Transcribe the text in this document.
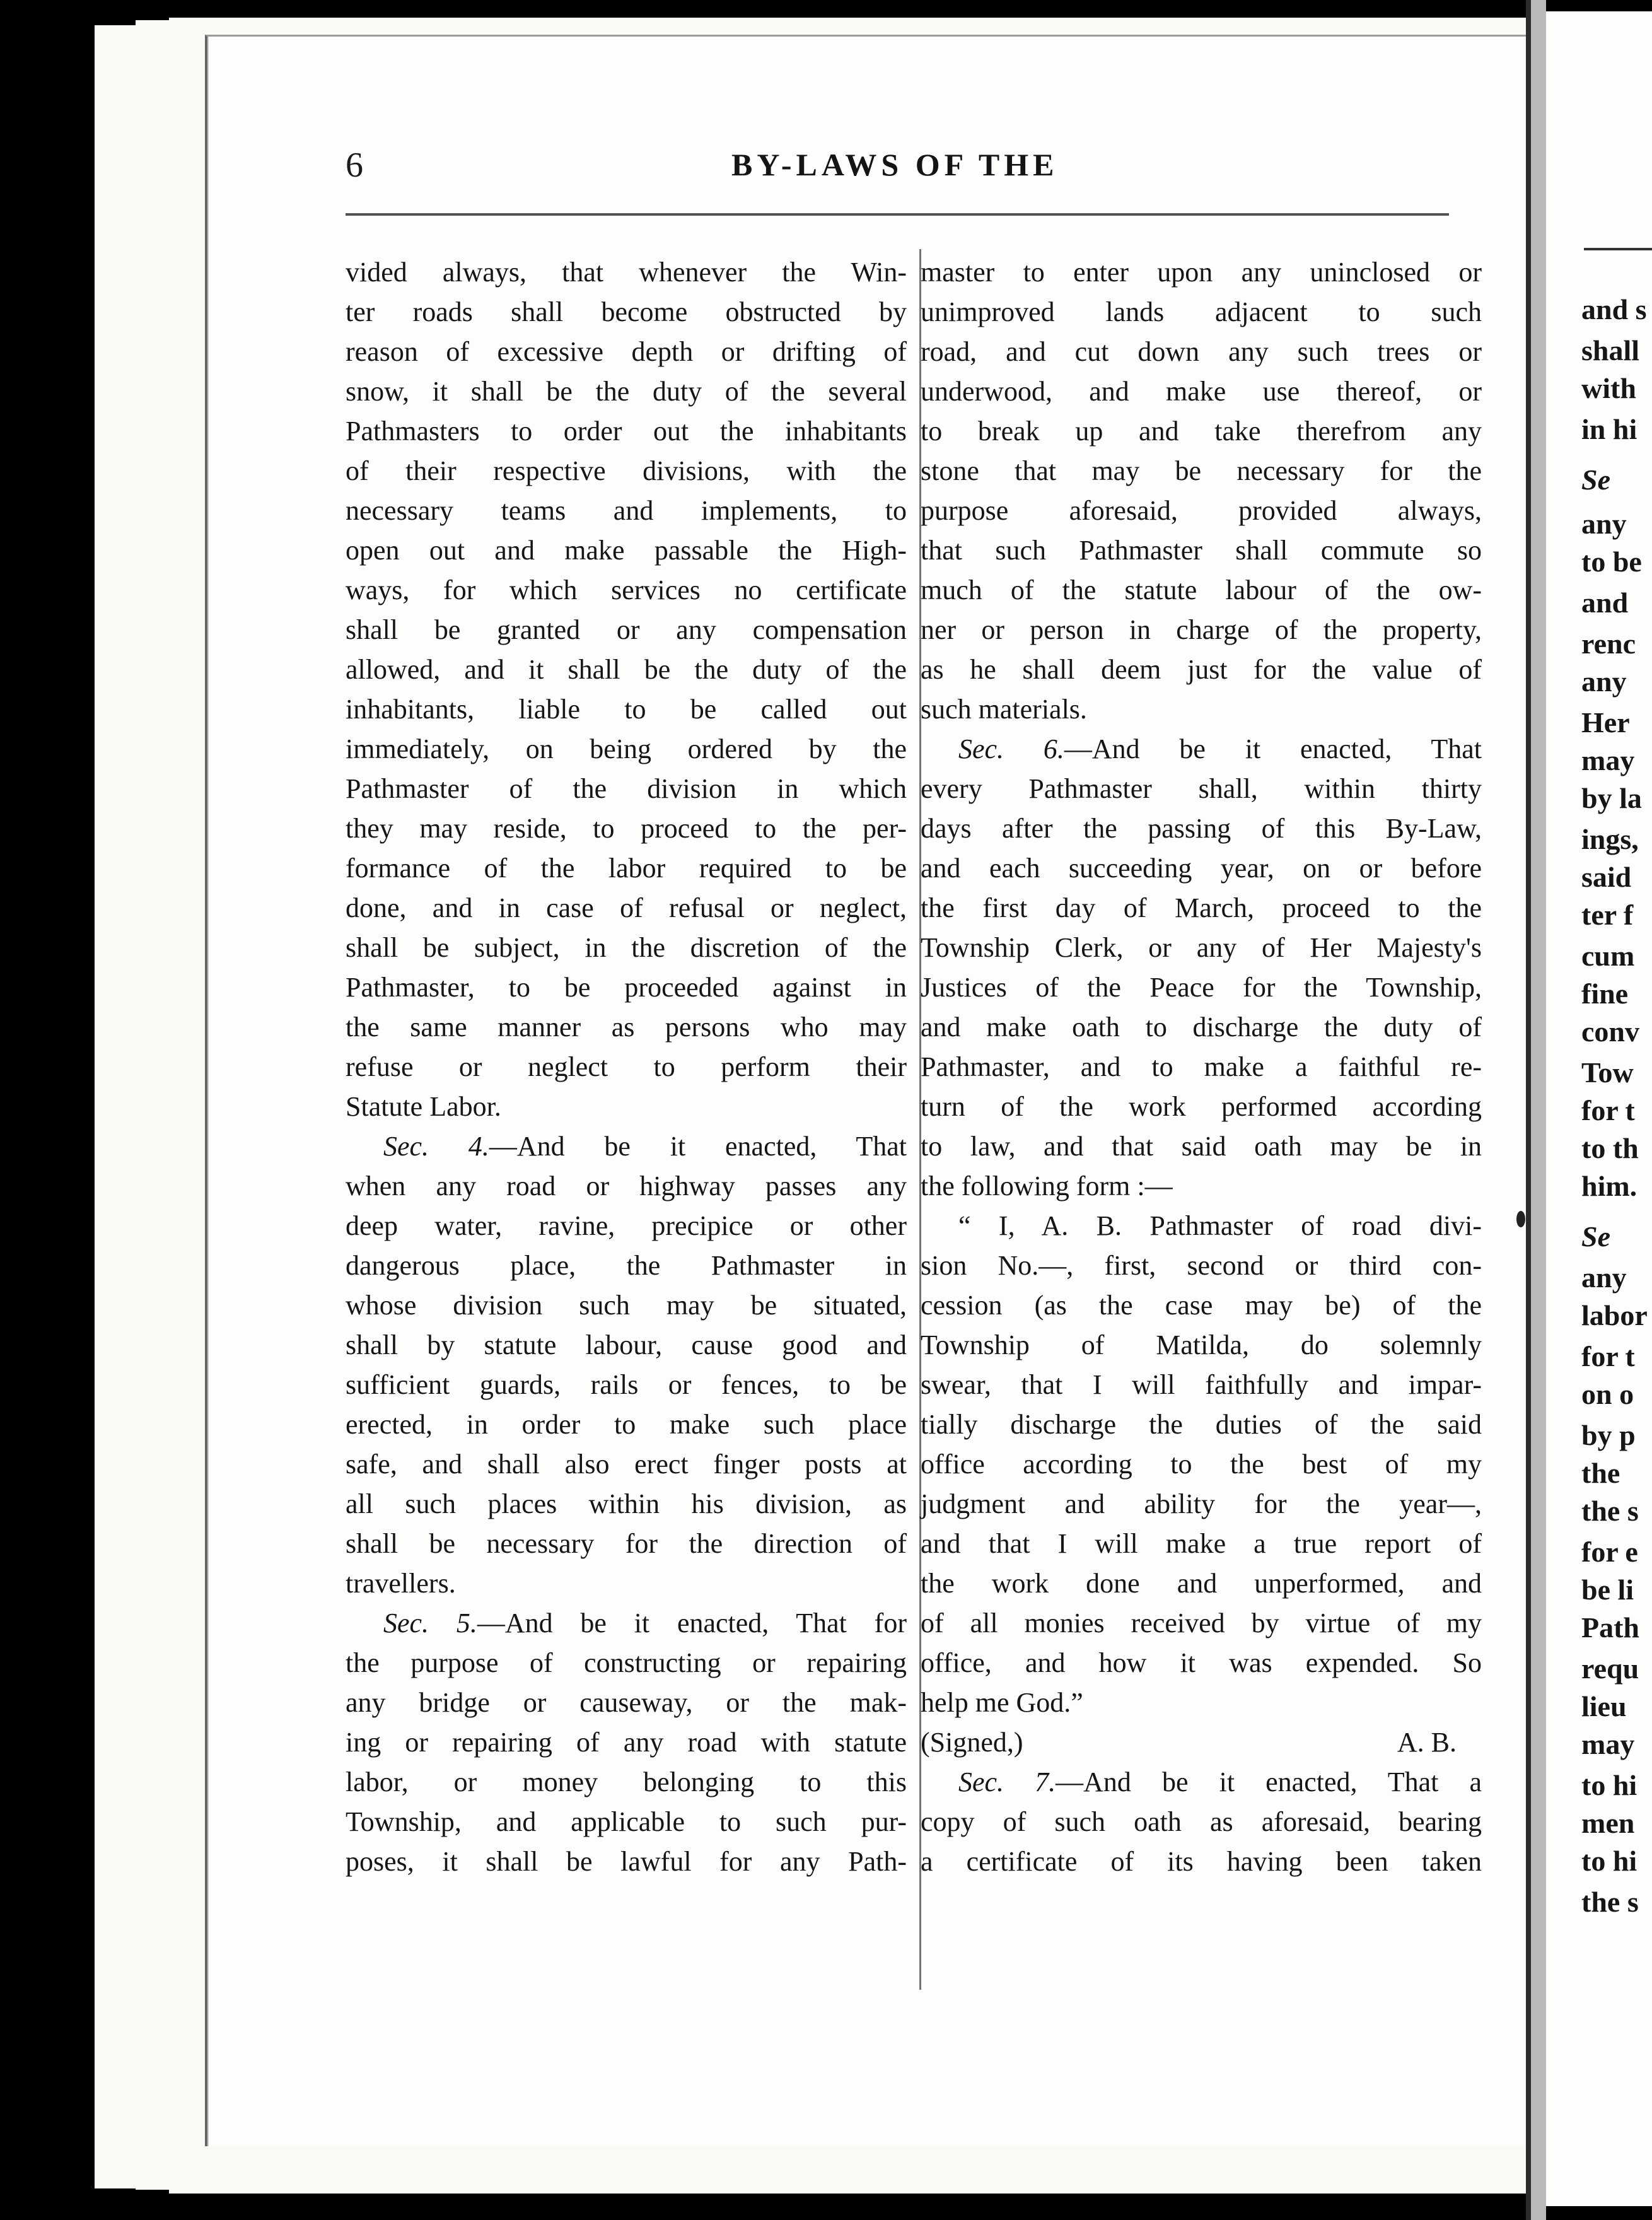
6	BY-LAWS OF THE
vided always, that whenever the Win-
ter roads shall become obstructed by
reason of excessive depth or drifting of
snow, it shall be the duty of the several
Pathmasters to order out the inhabitants
of their respective divisions, with the
necessary teams and implements, to
open out and make passable the High-
ways, for which services no certificate
shall be granted or any compensation
allowed, and it shall be the duty of the
inhabitants, liable to be called out
immediately, on being ordered by the
Pathmaster of the division in which
they may reside, to proceed to the per-
formance of the labor required to be
done, and in case of refusal or neglect,
shall be subject, in the discretion of the
Pathmaster, to be proceeded against in
the same manner as persons who may
refuse or neglect to perform their
Statute Labor.
Sec. 4.—And be it enacted, That
when any road or highway passes any
deep water, ravine, precipice or other
dangerous place, the Pathmaster in
whose division such may be situated,
shall by statute labour, cause good and
sufficient guards, rails or fences, to be
erected, in order to make such place
safe, and shall also erect finger posts at
all such places within his division, as
shall be necessary for the direction of
travellers.
Sec. 5.—And be it enacted, That for
the purpose of constructing or repairing
any bridge or causeway, or the mak-
ing or repairing of any road with statute
labor, or money belonging to this
Township, and applicable to such pur-
poses, it shall be lawful for any Path-
master to enter upon any uninclosed or
unimproved lands adjacent to such
road, and cut down any such trees or
underwood, and make use thereof, or
to break up and take therefrom any
stone that may be necessary for the
purpose aforesaid, provided always,
that such Pathmaster shall commute so
much of the statute labour of the ow-
ner or person in charge of the property,
as he shall deem just for the value of
such materials.
Sec. 6.—And be it enacted, That
every Pathmaster shall, within thirty
days after the passing of this By-Law,
and each succeeding year, on or before
the first day of March, proceed to the
Township Clerk, or any of Her Majesty's
Justices of the Peace for the Township,
and make oath to discharge the duty of
Pathmaster, and to make a faithful re-
turn of the work performed according
to law, and that said oath may be in
the following form :—
“ I, A. B. Pathmaster of road divi-
sion No.—, first, second or third con-
cession (as the case may be) of the
Township of Matilda, do solemnly
swear, that I will faithfully and impar-
tially discharge the duties of the said
office according to the best of my
judgment and ability for the year—,
and that I will make a true report of
the work done and unperformed, and
of all monies received by virtue of my
office, and how it was expended. So
help me God.”
(Signed,)	A. B.
Sec. 7.—And be it enacted, That a
copy of such oath as aforesaid, bearing
a certificate of its having been taken
and s
shall
with
in hi
Se
any
to be
and
renc
any
Her
may
by la
ings,
said
ter f
cum
fine
conv
Tow
for t
to th
him.
Se
any
labor
for t
on o
by p
the
the s
for e
be li
Path
requ
lieu
may
to hi
men
to hi
the s
